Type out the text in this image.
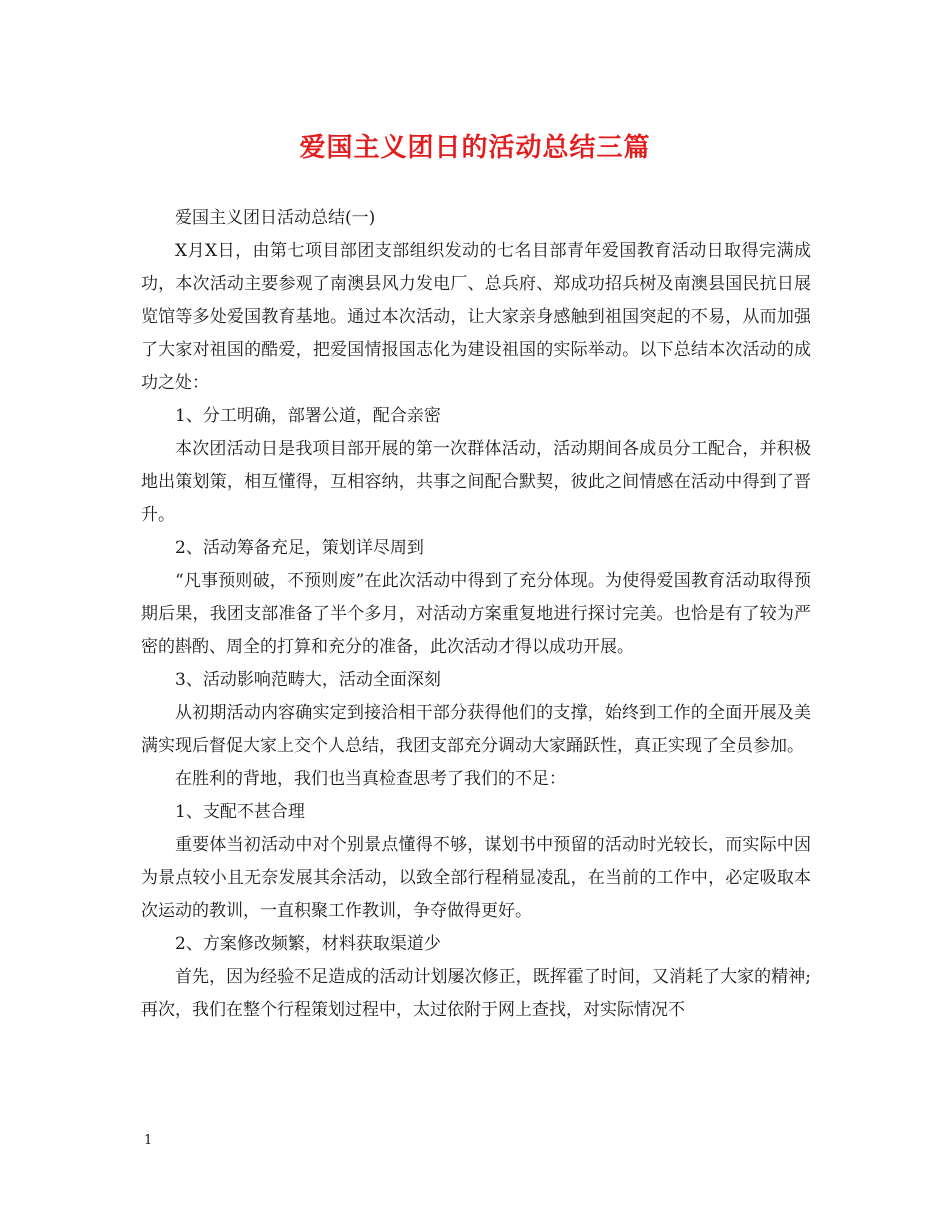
爱国主义团日的活动总结三篇

爱国主义团日活动总结(一)

X月X日，由第七项目部团支部组织发动的七名目部青年爱国教育活动日取得完满成功，本次活动主要参观了南澳县风力发电厂、总兵府、郑成功招兵树及南澳县国民抗日展览馆等多处爱国教育基地。通过本次活动，让大家亲身感触到祖国突起的不易，从而加强了大家对祖国的酷爱，把爱国情报国志化为建设祖国的实际举动。以下总结本次活动的成功之处：

1、分工明确，部署公道，配合亲密

本次团活动日是我项目部开展的第一次群体活动，活动期间各成员分工配合，并积极地出策划策，相互懂得，互相容纳，共事之间配合默契，彼此之间情感在活动中得到了晋升。

2、活动筹备充足，策划详尽周到

“凡事预则破，不预则废”在此次活动中得到了充分体现。为使得爱国教育活动取得预期后果，我团支部准备了半个多月，对活动方案重复地进行探讨完美。也恰是有了较为严密的斟酌、周全的打算和充分的准备，此次活动才得以成功开展。

3、活动影响范畴大，活动全面深刻

从初期活动内容确实定到接洽相干部分获得他们的支撑，始终到工作的全面开展及美满实现后督促大家上交个人总结，我团支部充分调动大家踊跃性，真正实现了全员参加。

在胜利的背地，我们也当真检查思考了我们的不足：

1、支配不甚合理

重要体当初活动中对个别景点懂得不够，谋划书中预留的活动时光较长，而实际中因为景点较小且无奈发展其余活动，以致全部行程稍显凌乱，在当前的工作中，必定吸取本次运动的教训，一直积聚工作教训，争夺做得更好。

2、方案修改频繁，材料获取渠道少

首先，因为经验不足造成的活动计划屡次修正，既挥霍了时间，又消耗了大家的精神;再次，我们在整个行程策划过程中，太过依附于网上查找，对实际情况不

1
